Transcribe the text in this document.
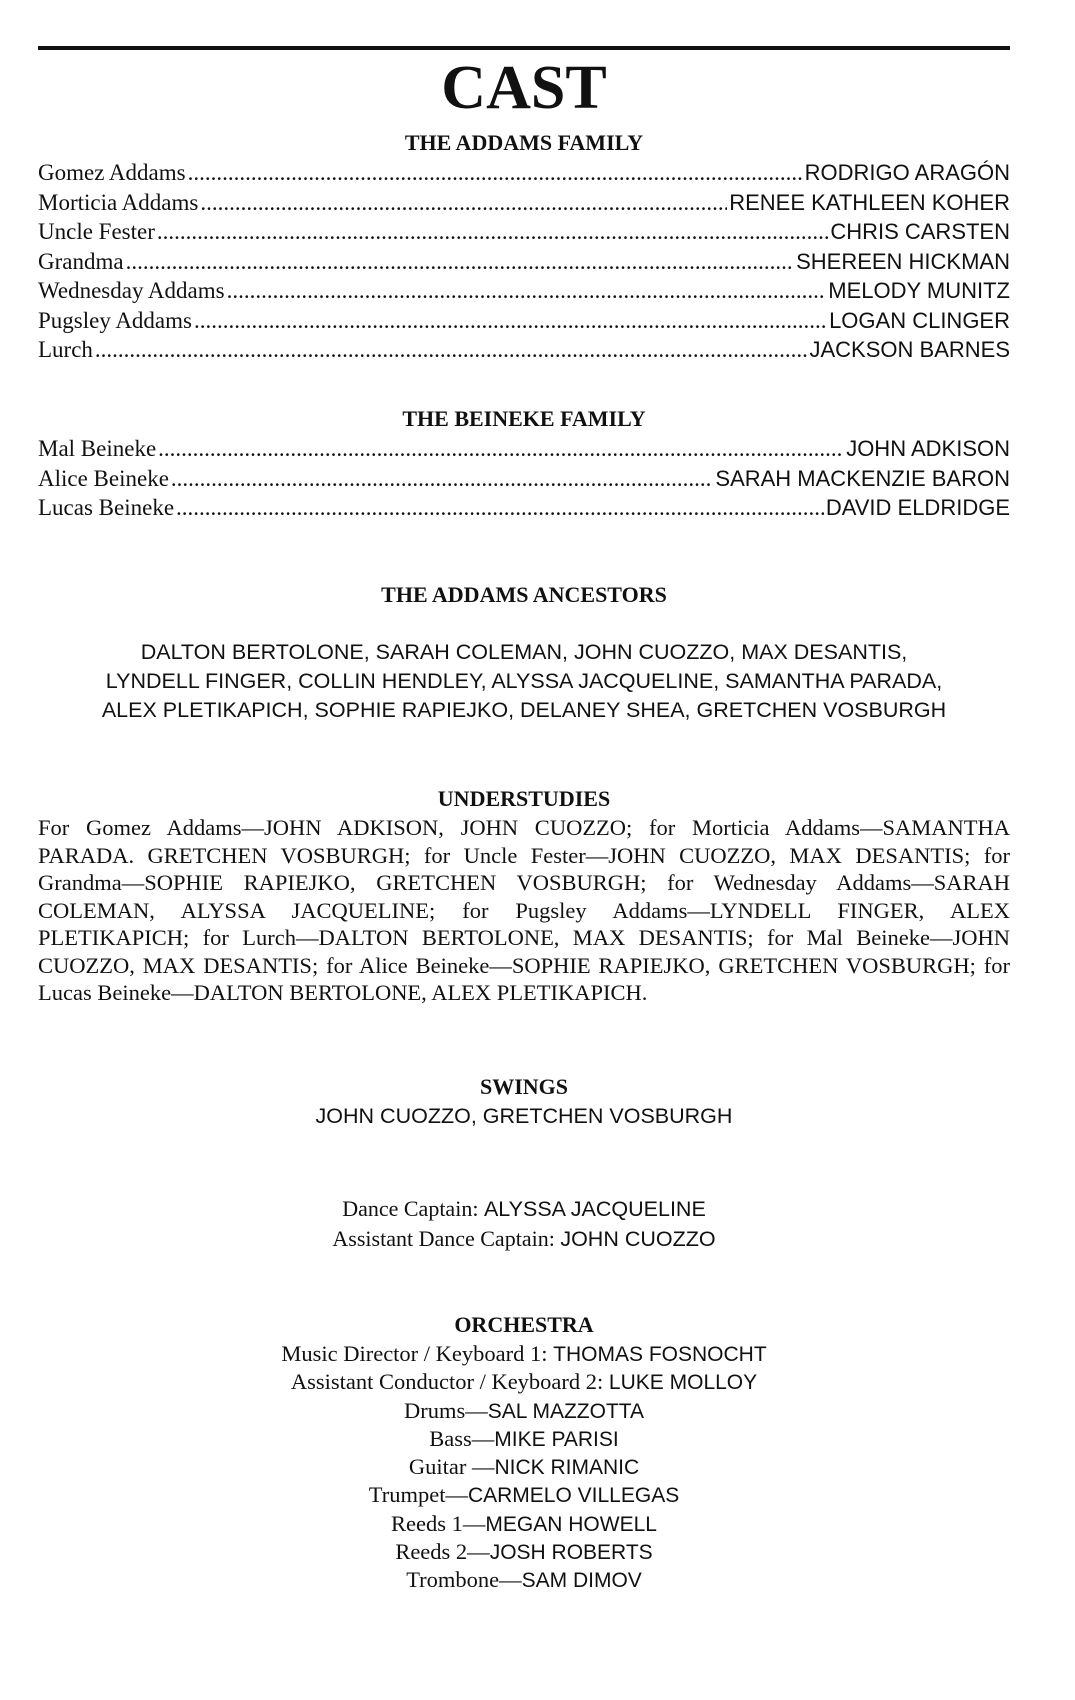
CAST
THE ADDAMS FAMILY
Gomez Addams .....	RODRIGO ARAGÓN
Morticia Addams .....	RENEE KATHLEEN KOHER
Uncle Fester .....	CHRIS CARSTEN
Grandma .....	SHEREEN HICKMAN
Wednesday Addams .....	MELODY MUNITZ
Pugsley Addams .....	LOGAN CLINGER
Lurch .....	JACKSON BARNES
THE BEINEKE FAMILY
Mal Beineke .....	JOHN ADKISON
Alice Beineke .....	SARAH MACKENZIE BARON
Lucas Beineke .....	DAVID ELDRIDGE
THE ADDAMS ANCESTORS
DALTON BERTOLONE, SARAH COLEMAN, JOHN CUOZZO, MAX DESANTIS,
LYNDELL FINGER, COLLIN HENDLEY, ALYSSA JACQUELINE, SAMANTHA PARADA,
ALEX PLETIKAPICH, SOPHIE RAPIEJKO, DELANEY SHEA, GRETCHEN VOSBURGH
UNDERSTUDIES
For Gomez Addams—JOHN ADKISON, JOHN CUOZZO; for Morticia Addams—SAMANTHA PARADA. GRETCHEN VOSBURGH; for Uncle Fester—JOHN CUOZZO, MAX DESANTIS; for Grandma—SOPHIE RAPIEJKO, GRETCHEN VOSBURGH; for Wednesday Addams—SARAH COLEMAN, ALYSSA JACQUELINE; for Pugsley Addams—LYNDELL FINGER, ALEX PLETIKAPICH; for Lurch—DALTON BERTOLONE, MAX DESANTIS; for Mal Beineke—JOHN CUOZZO, MAX DESANTIS; for Alice Beineke—SOPHIE RAPIEJKO, GRETCHEN VOSBURGH; for Lucas Beineke—DALTON BERTOLONE, ALEX PLETIKAPICH.
SWINGS
JOHN CUOZZO, GRETCHEN VOSBURGH
Dance Captain: ALYSSA JACQUELINE
Assistant Dance Captain: JOHN CUOZZO
ORCHESTRA
Music Director / Keyboard 1: THOMAS FOSNOCHT
Assistant Conductor / Keyboard 2: LUKE MOLLOY
Drums—SAL MAZZOTTA
Bass—MIKE PARISI
Guitar —NICK RIMANIC
Trumpet—CARMELO VILLEGAS
Reeds 1—MEGAN HOWELL
Reeds 2—JOSH ROBERTS
Trombone—SAM DIMOV
